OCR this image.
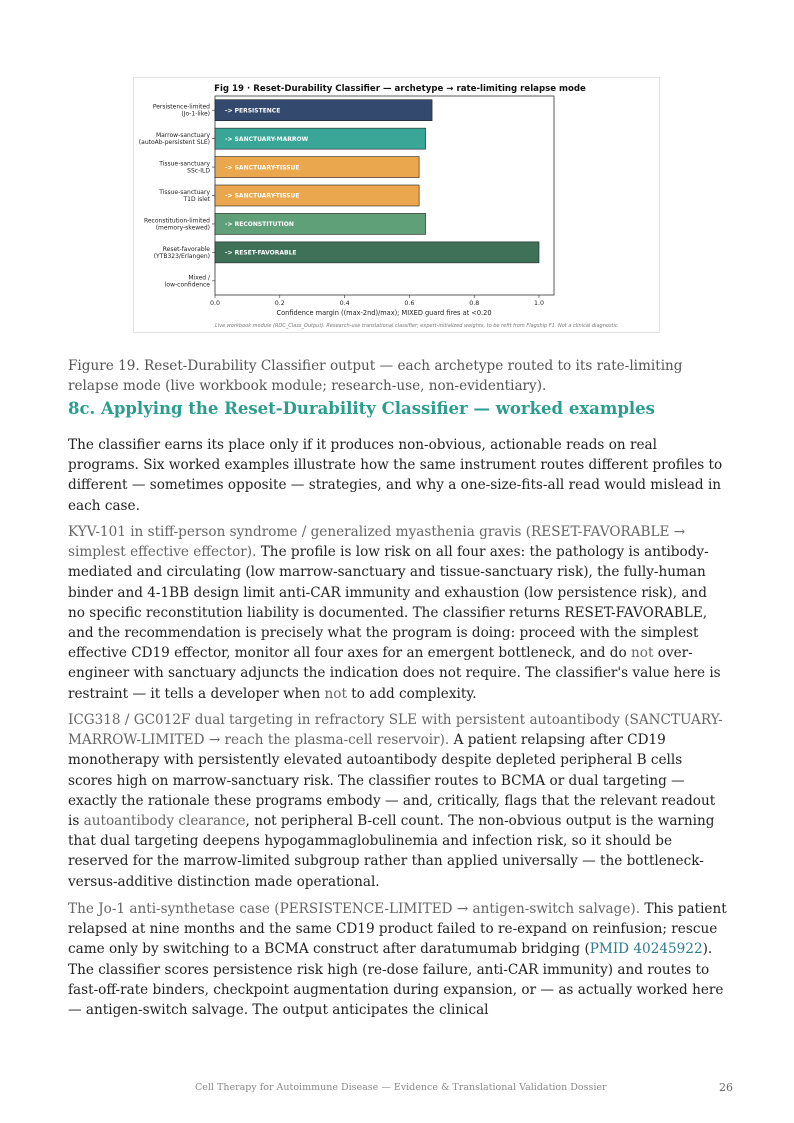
Fig 19 · Reset-Durability Classifier — archetype → rate-limiting relapse mode
-> PERSISTENCE
Persistence-limited
(Jo-1-like)
-> SANCTUARY-MARROW
Marrow-sanctuary
(autoAb-persistent SLE)
-> SANCTUARY-TISSUE
Tissue-sanctuary
SSc-ILD
-> SANCTUARY-TISSUE
Tissue-sanctuary
T1D islet
-> RECONSTITUTION
Reconstitution-limited
(memory-skewed)
-> RESET-FAVORABLE
Reset-favorable
(YTB323/Erlangen)
Mixed /
low-confidence
0.0	0.2	0.4	0.6	0.8	1.0
Confidence margin ((max-2nd)/max); MIXED guard fires at <0.20
Live workbook module (RDC_Class_Output). Research-use translational classifier; expert-initialized weights, to be refit from Flagship F1. Not a clinical diagnostic.

Figure 19. Reset-Durability Classifier output — each archetype routed to its rate-limiting relapse mode (live workbook module; research-use, non-evidentiary).

8c. Applying the Reset-Durability Classifier — worked examples

The classifier earns its place only if it produces non-obvious, actionable reads on real programs. Six worked examples illustrate how the same instrument routes different profiles to different — sometimes opposite — strategies, and why a one-size-fits-all read would mislead in each case.

KYV-101 in stiff-person syndrome / generalized myasthenia gravis (RESET-FAVORABLE → simplest effective effector). The profile is low risk on all four axes: the pathology is antibody-mediated and circulating (low marrow-sanctuary and tissue-sanctuary risk), the fully-human binder and 4-1BB design limit anti-CAR immunity and exhaustion (low persistence risk), and no specific reconstitution liability is documented. The classifier returns RESET-FAVORABLE, and the recommendation is precisely what the program is doing: proceed with the simplest effective CD19 effector, monitor all four axes for an emergent bottleneck, and do not over-engineer with sanctuary adjuncts the indication does not require. The classifier's value here is restraint — it tells a developer when not to add complexity.

ICG318 / GC012F dual targeting in refractory SLE with persistent autoantibody (SANCTUARY-MARROW-LIMITED → reach the plasma-cell reservoir). A patient relapsing after CD19 monotherapy with persistently elevated autoantibody despite depleted peripheral B cells scores high on marrow-sanctuary risk. The classifier routes to BCMA or dual targeting — exactly the rationale these programs embody — and, critically, flags that the relevant readout is autoantibody clearance, not peripheral B-cell count. The non-obvious output is the warning that dual targeting deepens hypogammaglobulinemia and infection risk, so it should be reserved for the marrow-limited subgroup rather than applied universally — the bottleneck-versus-additive distinction made operational.

The Jo-1 anti-synthetase case (PERSISTENCE-LIMITED → antigen-switch salvage). This patient relapsed at nine months and the same CD19 product failed to re-expand on reinfusion; rescue came only by switching to a BCMA construct after daratumumab bridging (PMID 40245922). The classifier scores persistence risk high (re-dose failure, anti-CAR immunity) and routes to fast-off-rate binders, checkpoint augmentation during expansion, or — as actually worked here — antigen-switch salvage. The output anticipates the clinical

Cell Therapy for Autoimmune Disease — Evidence & Translational Validation Dossier	26
